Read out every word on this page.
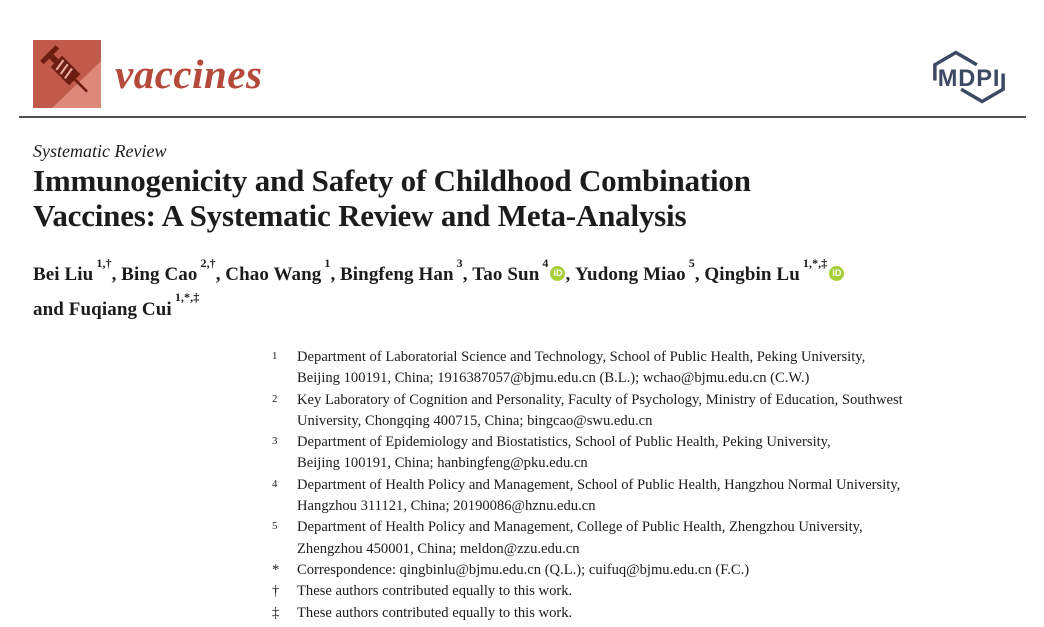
vaccines	MDPI
Systematic Review
Immunogenicity and Safety of Childhood Combination
Vaccines: A Systematic Review and Meta-Analysis
Bei Liu$^{1,\dagger}$, Bing Cao$^{2,\dagger}$, Chao Wang$^1$, Bingfeng Han$^3$, Tao Sun$^4$iD , Yudong Miao$^5$, Qingbin $Lu^{1,*,\ddagger}iD$
and Fuqiang Cui$^{1,*,\ddagger}$
1	Department of Laboratorial Science and Technology, School of Public Health, Peking University,
Beijing 100191, China; 1916387057@bjmu.edu.cn (B.L.); wchao@bjmu.edu.cn (C.W.)
2	Key Laboratory of Cognition and Personality, Faculty of Psychology, Ministry of Education, Southwest
University, Chongqing 400715, China; bingcao@swu.edu.cn
3	Department of Epidemiology and Biostatistics, School of Public Health, Peking University,
Beijing 100191, China; hanbingfeng@pku.edu.cn
4	Department of Health Policy and Management, School of Public Health, Hangzhou Normal University,
Hangzhou 311121, China; 20190086@hznu.edu.cn
5	Department of Health Policy and Management, College of Public Health, Zhengzhou University,
Zhengzhou 450001, China; meldon@zzu.edu.cn
*	Correspondence: qingbinlu@bjmu.edu.cn (Q.L.); cuifuq@bjmu.edu.cn (F.C.)
†	These authors contributed equally to this work.
‡	These authors contributed equally to this work.
